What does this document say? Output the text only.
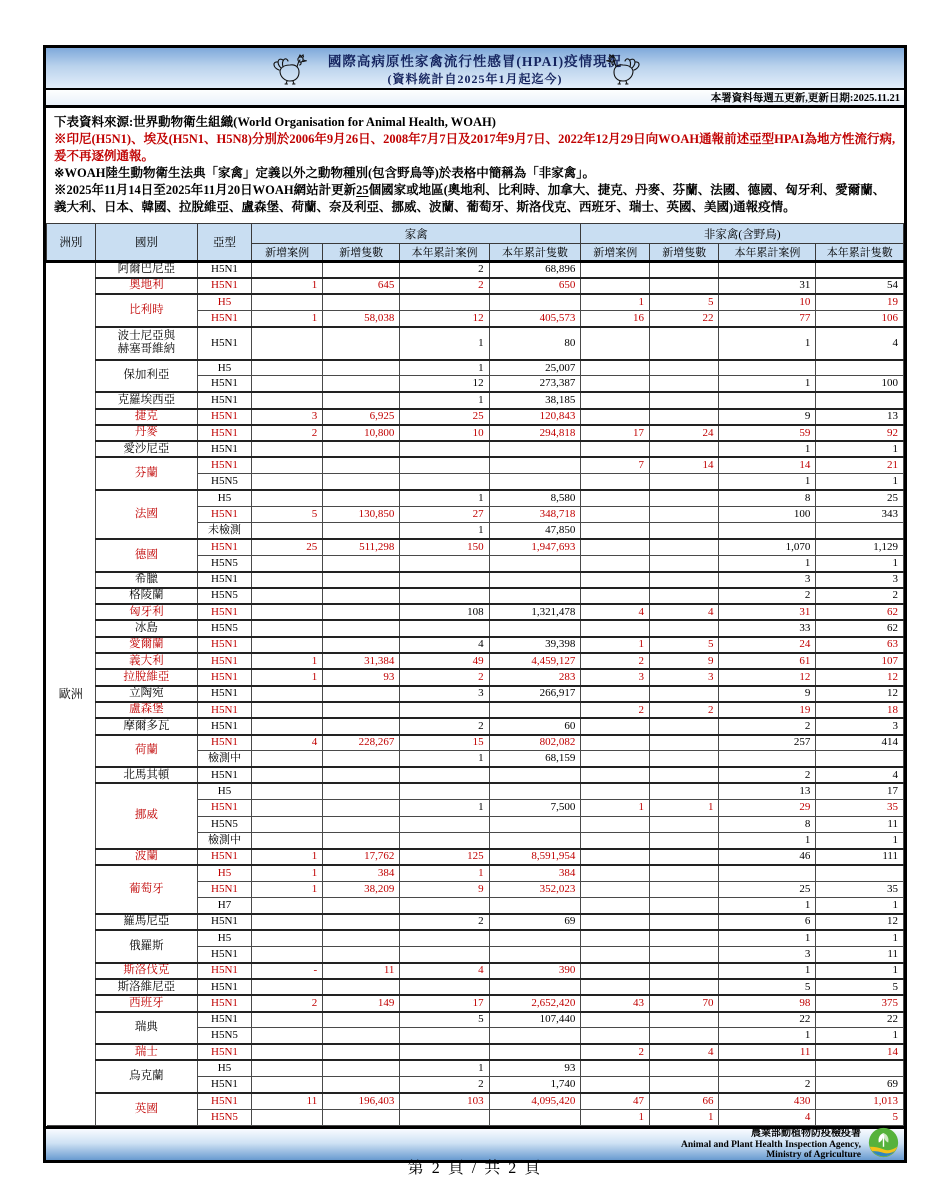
國際高病原性家禽流行性感冒(HPAI)疫情現況
(資料統計自2025年1月起迄今)
本署資料每週五更新,更新日期:2025.11.21
下表資料來源:世界動物衛生組織(World Organisation for Animal Health, WOAH)
※印尼(H5N1)、埃及(H5N1、H5N8)分別於2006年9月26日、2008年7月7日及2017年9月7日、2022年12月29日向WOAH通報前述亞型HPAI為地方性流行病,爰不再逐例通報。
※WOAH陸生動物衛生法典「家禽」定義以外之動物種別(包含野鳥等)於表格中簡稱為「非家禽」。
※2025年11月14日至2025年11月20日WOAH網站計更新25個國家或地區(奧地利、比利時、加拿大、捷克、丹麥、芬蘭、法國、德國、匈牙利、愛爾蘭、義大利、日本、韓國、拉脫維亞、盧森堡、荷蘭、奈及利亞、挪威、波蘭、葡萄牙、斯洛伐克、西班牙、瑞士、英國、美國)通報疫情。
洲別	國別	亞型	家禽				非家禽(含野鳥)			
			新增案例	新增隻數	本年累計案例	本年累計隻數	新增案例	新增隻數	本年累計案例	本年累計隻數
歐洲	阿爾巴尼亞	H5N1			2	68,896				
	奧地利	H5N1	1	645	2	650			31	54
	比利時	H5					1	5	10	19
		H5N1	1	58,038	12	405,573	16	22	77	106
	波士尼亞與
赫塞哥維納	H5N1			1	80			1	4
	保加利亞	H5			1	25,007				
		H5N1			12	273,387			1	100
	克羅埃西亞	H5N1			1	38,185				
	捷克	H5N1	3	6,925	25	120,843			9	13
	丹麥	H5N1	2	10,800	10	294,818	17	24	59	92
	愛沙尼亞	H5N1							1	1
	芬蘭	H5N1					7	14	14	21
		H5N5							1	1
	法國	H5			1	8,580			8	25
		H5N1	5	130,850	27	348,718			100	343
		未檢測			1	47,850				
	德國	H5N1	25	511,298	150	1,947,693			1,070	1,129
		H5N5							1	1
	希臘	H5N1							3	3
	格陵蘭	H5N5							2	2
	匈牙利	H5N1			108	1,321,478	4	4	31	62
	冰島	H5N5							33	62
	愛爾蘭	H5N1			4	39,398	1	5	24	63
	義大利	H5N1	1	31,384	49	4,459,127	2	9	61	107
	拉脫維亞	H5N1	1	93	2	283	3	3	12	12
	立陶宛	H5N1			3	266,917			9	12
	盧森堡	H5N1					2	2	19	18
	摩爾多瓦	H5N1			2	60			2	3
	荷蘭	H5N1	4	228,267	15	802,082			257	414
		檢測中			1	68,159				
	北馬其頓	H5N1							2	4
	挪威	H5							13	17
		H5N1			1	7,500	1	1	29	35
		H5N5							8	11
		檢測中							1	1
	波蘭	H5N1	1	17,762	125	8,591,954			46	111
	葡萄牙	H5	1	384	1	384				
		H5N1	1	38,209	9	352,023			25	35
		H7							1	1
	羅馬尼亞	H5N1			2	69			6	12
	俄羅斯	H5							1	1
		H5N1							3	11
	斯洛伐克	H5N1	-	11	4	390			1	1
	斯洛維尼亞	H5N1							5	5
	西班牙	H5N1	2	149	17	2,652,420	43	70	98	375
	瑞典	H5N1			5	107,440			22	22
		H5N5							1	1
	瑞士	H5N1					2	4	11	14
	烏克蘭	H5			1	93				
		H5N1			2	1,740			2	69
	英國	H5N1	11	196,403	103	4,095,420	47	66	430	1,013
		H5N5					1	1	4	5
農業部動植物防疫檢疫署
Animal and Plant Health Inspection Agency,
Ministry of Agriculture
第 2 頁 / 共 2 頁
